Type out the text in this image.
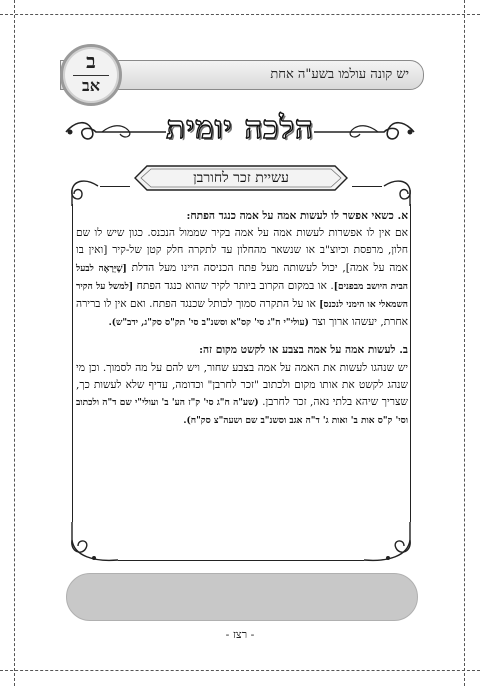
יש קונה עולמו בשע"ה אחת
ב
אב
הלכה יומית
עשיית זכר לחורבן

א. כשאי אפשר לו לעשות אמה על אמה כנגד הפתח:

אם אין לו אפשרות לעשות אמה על אמה בקיר שממול הנכנס. כגון שיש לו שם חלון, מרפסת וכיוצ"ב או שנשאר מהחלון עד לתקרה חלק קטן של-קיר [ואין בו אמה על אמה], יכול לעשותה מעל פתח הכניסה היינו מעל הדלת [שֶׁיֵּרָאֶה לבעל הבית היושב מבפנים]. או במקום הקרוב ביותר לקיר שהוא כנגד הפתח [למשל על הקיר השמאלי או הימני לנכנס] או על התקרה סמוך לכותל שכנגד הפתח. ואם אין לו ברירה אחרת, יעשהו ארוך וצר (עולי"י ח"ג סי' קס"א וסשנ"ב סי' תק"ס סק"ג, ידב"ש).

ב. לעשות אמה על אמה בצבע או לקשט מקום זה:

יש שנהגו לעשות את האמה על אמה בצבע שחור, ויש להם על מה לסמוך. וכן מי שנהג לקשט את אותו מקום ולכתוב "זכר לחרבן" וכדומה, עדיף שלא לעשות כך, שצריך שיהא בלתי נאה, זכר לחרבן. (שע"ה ח"ג סי' ק"ז הע' ב' ועולי"י שם ד"ה ולכתוב וסי' ק"ס אות ב' ואות ג' ד"ה אגב וסשנ"ב שם ושעה"צ סק"ח).

- רצז -
